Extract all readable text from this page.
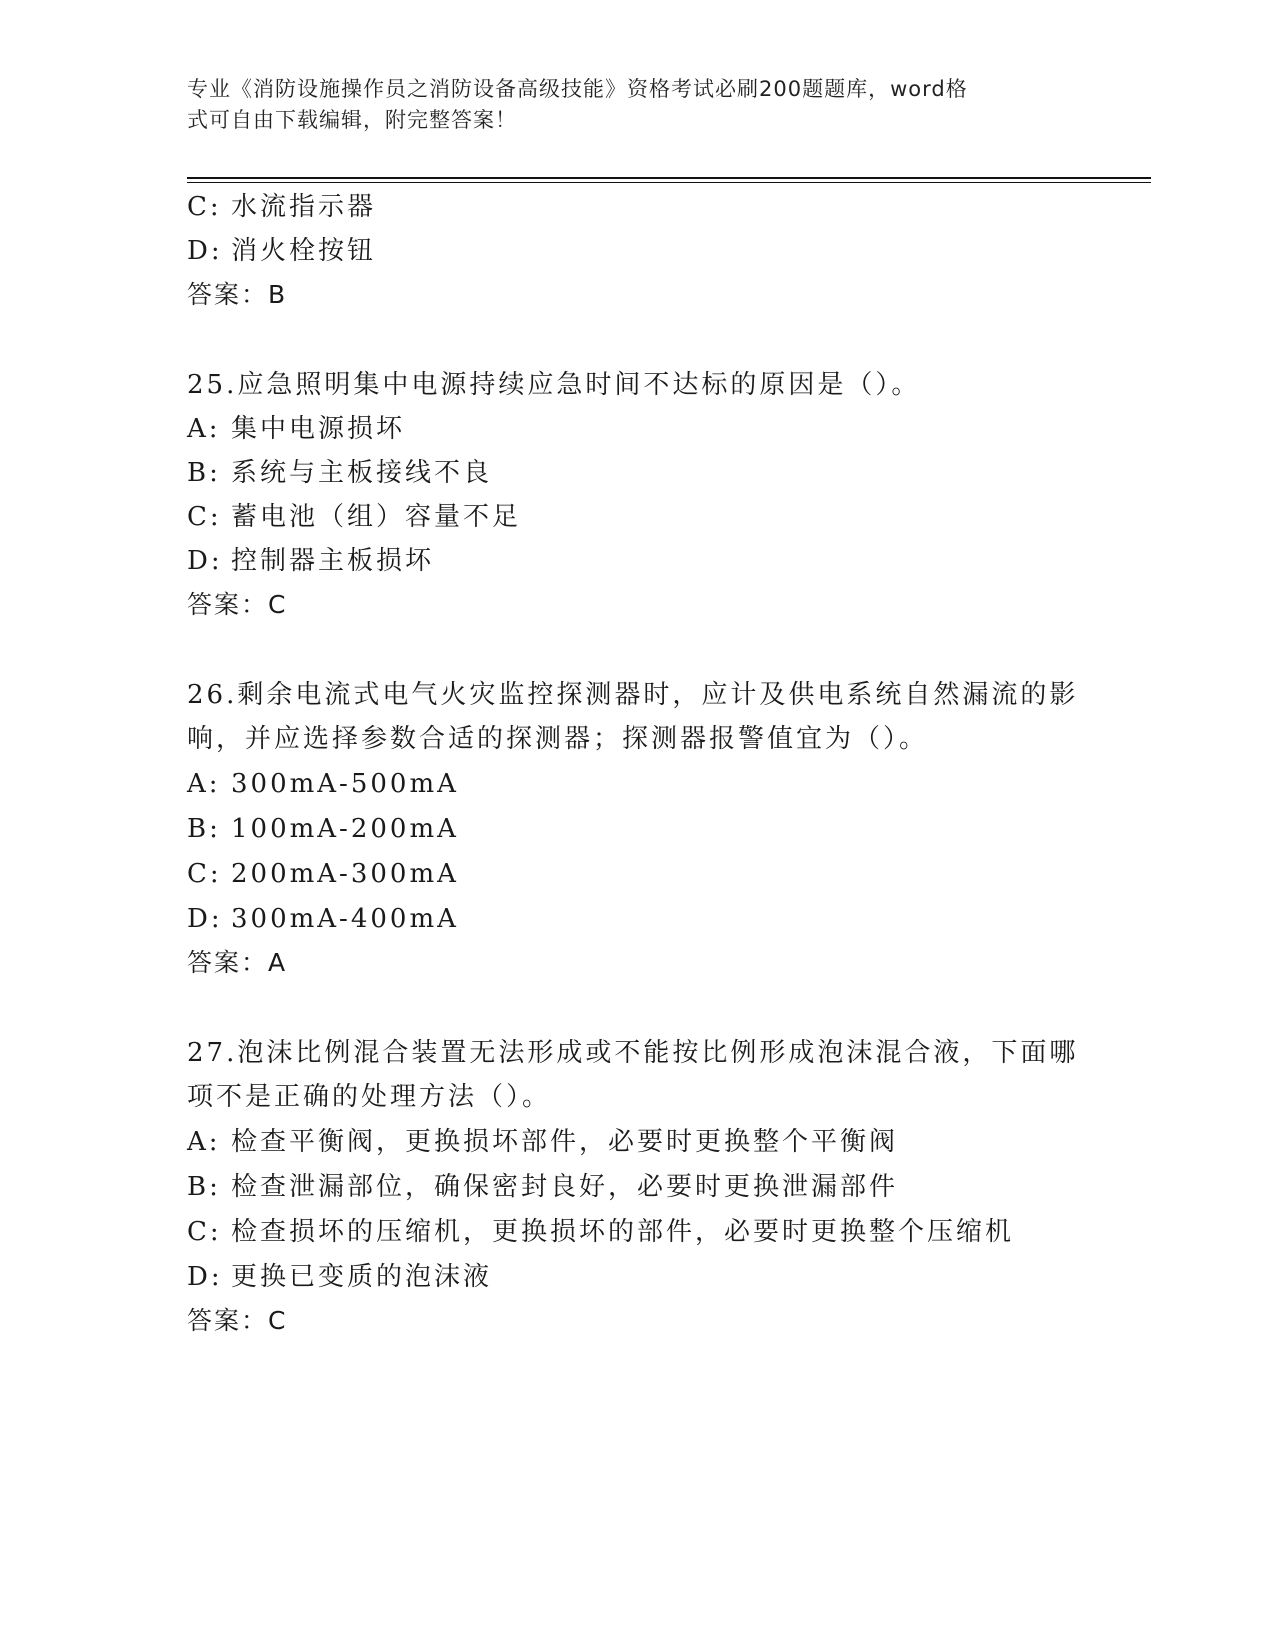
专业《消防设施操作员之消防设备高级技能》资格考试必刷200题题库，word格
式可自由下载编辑，附完整答案！
C: 水流指示器
D: 消火栓按钮
答案：B
25.应急照明集中电源持续应急时间不达标的原因是（）。
A: 集中电源损坏
B: 系统与主板接线不良
C: 蓄电池（组）容量不足
D: 控制器主板损坏
答案：C
26.剩余电流式电气火灾监控探测器时，应计及供电系统自然漏流的影
响，并应选择参数合适的探测器；探测器报警值宜为（）。
A: 300mA-500mA
B: 100mA-200mA
C: 200mA-300mA
D: 300mA-400mA
答案：A
27.泡沫比例混合装置无法形成或不能按比例形成泡沫混合液，下面哪
项不是正确的处理方法（）。
A: 检查平衡阀，更换损坏部件，必要时更换整个平衡阀
B: 检查泄漏部位，确保密封良好，必要时更换泄漏部件
C: 检查损坏的压缩机，更换损坏的部件，必要时更换整个压缩机
D: 更换已变质的泡沫液
答案：C
